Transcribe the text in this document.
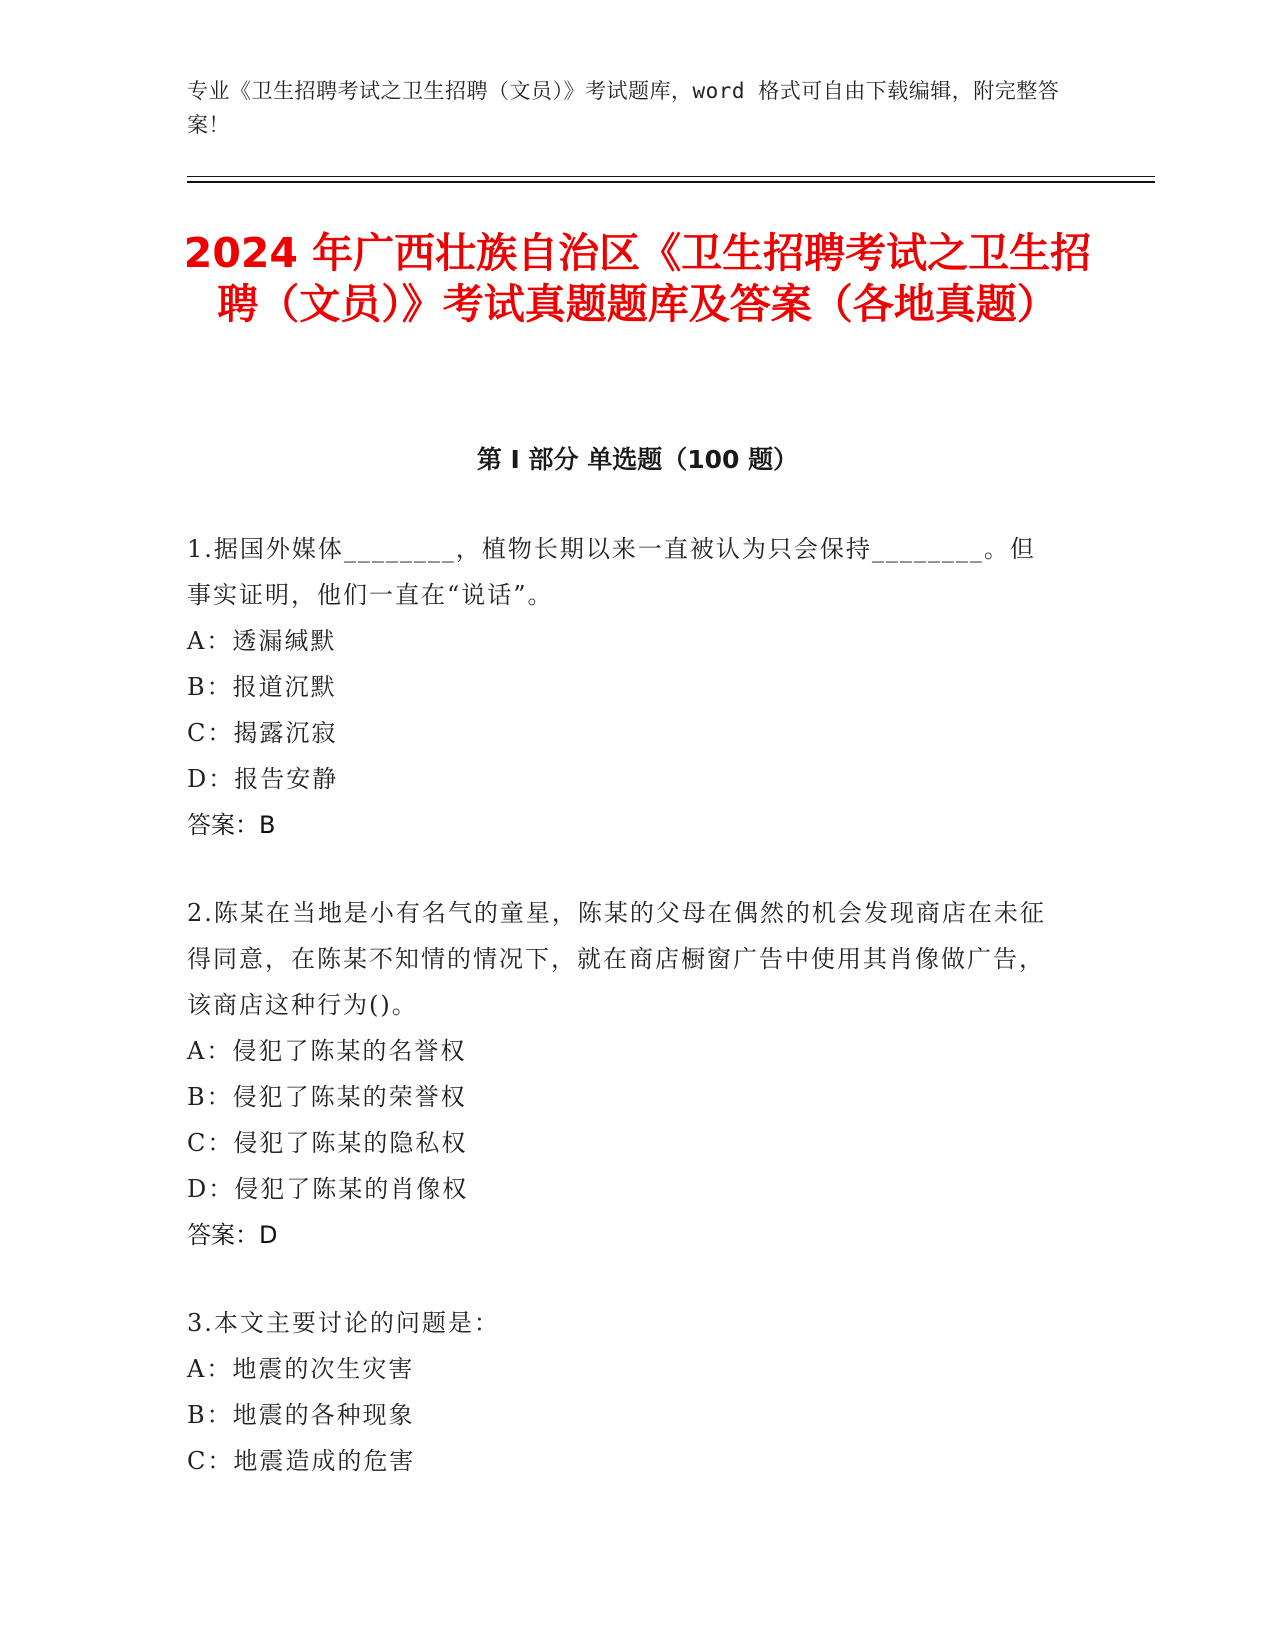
专业《卫生招聘考试之卫生招聘（文员）》考试题库，word 格式可自由下载编辑，附完整答案！
2024 年广西壮族自治区《卫生招聘考试之卫生招聘（文员）》考试真题题库及答案（各地真题）
第 I 部分 单选题（100 题）
1.据国外媒体________，植物长期以来一直被认为只会保持________。但事实证明，他们一直在“说话”。
A：透漏缄默
B：报道沉默
C：揭露沉寂
D：报告安静
答案：B
2.陈某在当地是小有名气的童星，陈某的父母在偶然的机会发现商店在未征得同意，在陈某不知情的情况下，就在商店橱窗广告中使用其肖像做广告，该商店这种行为()。
A：侵犯了陈某的名誉权
B：侵犯了陈某的荣誉权
C：侵犯了陈某的隐私权
D：侵犯了陈某的肖像权
答案：D
3.本文主要讨论的问题是：
A：地震的次生灾害
B：地震的各种现象
C：地震造成的危害
